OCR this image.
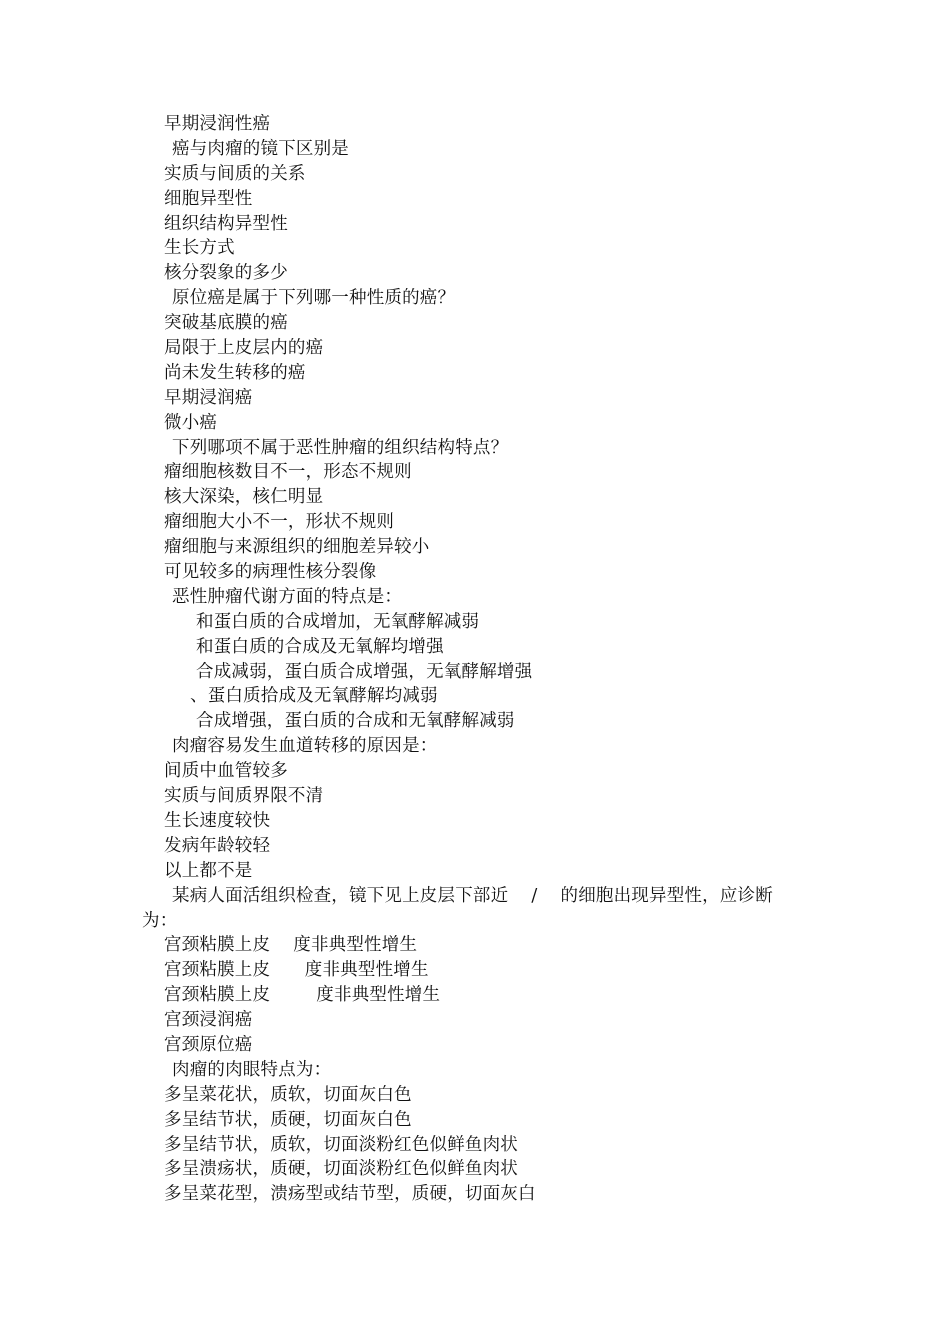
早期浸润性癌
癌与肉瘤的镜下区别是
实质与间质的关系
细胞异型性
组织结构异型性
生长方式
核分裂象的多少
原位癌是属于下列哪一种性质的癌？
突破基底膜的癌
局限于上皮层内的癌
尚未发生转移的癌
早期浸润癌
微小癌
下列哪项不属于恶性肿瘤的组织结构特点？
瘤细胞核数目不一，形态不规则
核大深染，核仁明显
瘤细胞大小不一，形状不规则
瘤细胞与来源组织的细胞差异较小
可见较多的病理性核分裂像
恶性肿瘤代谢方面的特点是：
和蛋白质的合成增加，无氧酵解减弱
和蛋白质的合成及无氧解均增强
合成减弱，蛋白质合成增强，无氧酵解增强
、蛋白质拾成及无氧酵解均减弱
合成增强，蛋白质的合成和无氧酵解减弱
肉瘤容易发生血道转移的原因是：
间质中血管较多
实质与间质界限不清
生长速度较快
发病年龄较轻
以上都不是
某病人面活组织检查，镜下见上皮层下部近    /    的细胞出现异型性，应诊断
为：
宫颈粘膜上皮    度非典型性增生
宫颈粘膜上皮      度非典型性增生
宫颈粘膜上皮        度非典型性增生
宫颈浸润癌
宫颈原位癌
肉瘤的肉眼特点为：
多呈菜花状，质软，切面灰白色
多呈结节状，质硬，切面灰白色
多呈结节状，质软，切面淡粉红色似鲜鱼肉状
多呈溃疡状，质硬，切面淡粉红色似鲜鱼肉状
多呈菜花型，溃疡型或结节型，质硬，切面灰白
